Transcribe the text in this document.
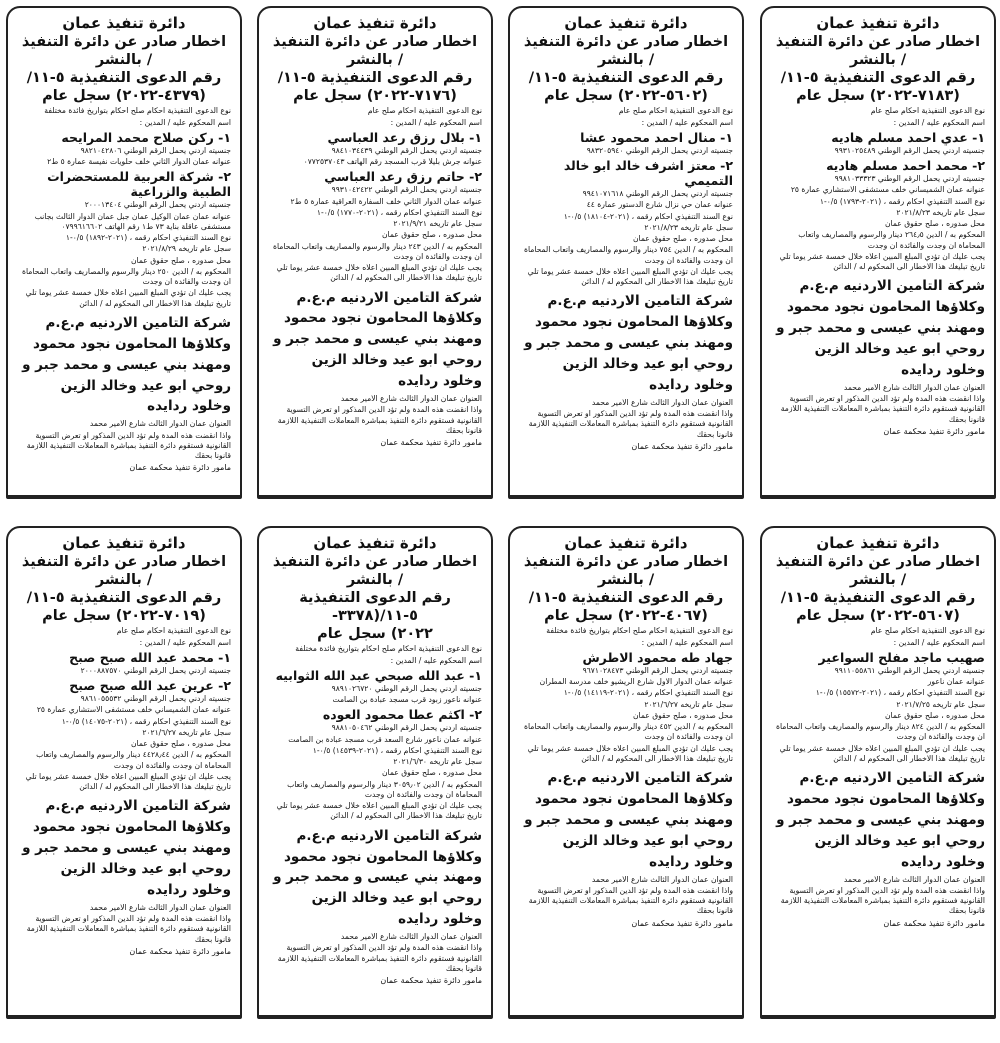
دائرة تنفيذ عمان
اخطار صادر عن دائرة التنفيذ / بالنشر
رقم الدعوى التنفيذية ٥-١١/
(٧١٨٣-٢٠٢٢) سجل عام
نوع الدعوى التنفيذية احكام صلح عام
اسم المحكوم عليه / المدين :
١- عدي احمد مسلم هاديه
جنسيته اردني يحمل الرقم الوطني ٩٩٣١٠٢٥٤٨٩
٢- محمد احمد مسلم هاديه
جنسيته اردني يحمل الرقم الوطني ٩٩٨١٠٣٣٣٢٣
عنوانه عمان الشميساني خلف مستشفى الاستشاري عمارة ٢٥
نوع السند التنفيذي احكام رقمه ، (٢٠٢١-١٧٩٣) ٠/٥-١
سجل عام تاريخه ٢٠٢١/٨/٢٣
محل صدوره ، صلح حقوق عمان
المحكوم به / الدين ٢٦٤٫٥ دينار والرسوم والمصاريف واتعاب المحاماة ان وجدت والفائدة ان وجدت
يجب عليك ان تؤدي المبلغ المبين اعلاه خلال خمسة عشر يوما تلي تاريخ تبليغك هذا الاخطار الى المحكوم له / الدائن
شركة التامين الاردنيه م.ع.م وكلاؤها المحامون نجود محمود ومهند بني عيسى و محمد جبر و روحي ابو عيد وخالد الزين وخلود ردايده
العنوان عمان الدوار الثالث شارع الامير محمد
واذا انقضت هذه المدة ولم تؤد الدين المذكور او تعرض التسوية القانونية فستقوم دائرة التنفيذ بمباشرة المعاملات التنفيذية اللازمة قانونا بحقك
مامور دائرة تنفيذ محكمة عمان
دائرة تنفيذ عمان
اخطار صادر عن دائرة التنفيذ / بالنشر
رقم الدعوى التنفيذية ٥-١١/
(٥٦٠٢-٢٠٢٢) سجل عام
نوع الدعوى التنفيذية احكام صلح عام
اسم المحكوم عليه / المدين :
١- منال احمد محمود عشا
جنسيته اردني يحمل الرقم الوطني ٩٨٣٢٠٥٩٤٠
٢- معتز اشرف خالد ابو خالد التميمي
جنسيته اردني يحمل الرقم الوطني ٩٩٤١٠٧١٦١٨
عنوانه عمان حي نزال شارع الدستور عمارة ٤٤
نوع السند التنفيذي احكام رقمه ، (٢٠٢١-١٨١٠٤) ٠/٥-١
سجل عام تاريخه ٢٠٢١/٨/٢٣
محل صدوره ، صلح حقوق عمان
المحكوم به / الدين ٧٥٤ دينار والرسوم والمصاريف واتعاب المحاماة ان وجدت والفائدة ان وجدت
يجب عليك ان تؤدي المبلغ المبين اعلاه خلال خمسة عشر يوما تلي تاريخ تبليغك هذا الاخطار الى المحكوم له / الدائن
شركة التامين الاردنيه م.ع.م وكلاؤها المحامون نجود محمود ومهند بني عيسى و محمد جبر و روحي ابو عيد وخالد الزين وخلود ردايده
العنوان عمان الدوار الثالث شارع الامير محمد
واذا انقضت هذه المدة ولم تؤد الدين المذكور او تعرض التسوية القانونية فستقوم دائرة التنفيذ بمباشرة المعاملات التنفيذية اللازمة قانونا بحقك
مامور دائرة تنفيذ محكمة عمان
دائرة تنفيذ عمان
اخطار صادر عن دائرة التنفيذ / بالنشر
رقم الدعوى التنفيذية ٥-١١/
(٧١٧٦-٢٠٢٢) سجل عام
نوع الدعوى التنفيذية احكام صلح عام
اسم المحكوم عليه / المدين :
١- بلال رزق رعد العباسي
جنسيته اردني يحمل الرقم الوطني ٩٨٤١٠٣٤٤٣٩
عنوانه جرش بليلا قرب المسجد رقم الهاتف ٠٧٧٢٥٣٧٠٤٣
٢- حاتم رزق رعد العباسي
جنسيته اردني يحمل الرقم الوطني ٩٩٣١٠٤٢٤٢٢
عنوانه عمان الدوار الثاني خلف السفارة العراقية عمارة ٥ ط٢
نوع السند التنفيذي احكام رقمه ، (٢٠٢١-١٧٧٠) ٠/٥-١
سجل عام تاريخه ٢٠٢١/٩/٢١
محل صدوره ، صلح حقوق عمان
المحكوم به / الدين ٢٤٣ دينار والرسوم والمصاريف واتعاب المحاماة ان وجدت والفائدة ان وجدت
يجب عليك ان تؤدي المبلغ المبين اعلاه خلال خمسة عشر يوما تلي تاريخ تبليغك هذا الاخطار الى المحكوم له / الدائن
شركة التامين الاردنيه م.ع.م وكلاؤها المحامون نجود محمود ومهند بني عيسى و محمد جبر و روحي ابو عيد وخالد الزين وخلود ردايده
العنوان عمان الدوار الثالث شارع الامير محمد
واذا انقضت هذه المدة ولم تؤد الدين المذكور او تعرض التسوية القانونية فستقوم دائرة التنفيذ بمباشرة المعاملات التنفيذية اللازمة قانونا بحقك
مامور دائرة تنفيذ محكمة عمان
دائرة تنفيذ عمان
اخطار صادر عن دائرة التنفيذ / بالنشر
رقم الدعوى التنفيذية ٥-١١/
(٤٣٧٩-٢٠٢٢) سجل عام
نوع الدعوى التنفيذية احكام صلح احكام بتواريخ فائدة مختلفة
اسم المحكوم عليه / المدين :
١- ركن صلاح محمد المرايحه
جنسيته اردني يحمل الرقم الوطني ٩٨٢١٠٤٢٨٠٦
عنوانه عمان الدوار الثاني خلف حلويات نفيسة عمارة ٥ ط٢
٢- شركة العربية للمستحضرات الطبية والزراعية
جنسيته اردني يحمل الرقم الوطني ٢٠٠٠١٣٤٠٤
عنوانه عمان عمان الوكيل عمان جبل عمان الدوار الثالث بجانب مستشفى عاقلة بناية ٧٣ ط١ رقم الهاتف ٠٧٩٩٦١٦٦٠٢
نوع السند التنفيذي احكام رقمه ، (٢٠٢١-١٨٩٢) ٠/٥-١
سجل عام تاريخه ٢٠٢١/٨/٢٩
محل صدوره ، صلح حقوق عمان
المحكوم به / الدين ٢٥٠ دينار والرسوم والمصاريف واتعاب المحاماة ان وجدت والفائدة ان وجدت
يجب عليك ان تؤدي المبلغ المبين اعلاه خلال خمسة عشر يوما تلي تاريخ تبليغك هذا الاخطار الى المحكوم له / الدائن
شركة التامين الاردنيه م.ع.م وكلاؤها المحامون نجود محمود ومهند بني عيسى و محمد جبر و روحي ابو عيد وخالد الزين وخلود ردايده
العنوان عمان الدوار الثالث شارع الامير محمد
واذا انقضت هذه المدة ولم تؤد الدين المذكور او تعرض التسوية القانونية فستقوم دائرة التنفيذ بمباشرة المعاملات التنفيذية اللازمة قانونا بحقك
مامور دائرة تنفيذ محكمة عمان
دائرة تنفيذ عمان
اخطار صادر عن دائرة التنفيذ / بالنشر
رقم الدعوى التنفيذية ٥-١١/
(٥٦٠٧-٢٠٢٢) سجل عام
نوع الدعوى التنفيذية احكام صلح عام
اسم المحكوم عليه / المدين :
صهيب ماجد مفلح السواعير
جنسيته اردني يحمل الرقم الوطني ٩٩١١٠٥٥٨٦١
عنوانه عمان ناعور
نوع السند التنفيذي احكام رقمه ، (٢٠٢١-١٥٥٧٢) ٠/٥-١
سجل عام تاريخه ٢٠٢١/٧/٢٥
محل صدوره ، صلح حقوق عمان
المحكوم به / الدين ٨٢٤ دينار والرسوم والمصاريف واتعاب المحاماة ان وجدت والفائدة ان وجدت
يجب عليك ان تؤدي المبلغ المبين اعلاه خلال خمسة عشر يوما تلي تاريخ تبليغك هذا الاخطار الى المحكوم له / الدائن
شركة التامين الاردنيه م.ع.م وكلاؤها المحامون نجود محمود ومهند بني عيسى و محمد جبر و روحي ابو عيد وخالد الزين وخلود ردايده
العنوان عمان الدوار الثالث شارع الامير محمد
واذا انقضت هذه المدة ولم تؤد الدين المذكور او تعرض التسوية القانونية فستقوم دائرة التنفيذ بمباشرة المعاملات التنفيذية اللازمة قانونا بحقك
مامور دائرة تنفيذ محكمة عمان
دائرة تنفيذ عمان
اخطار صادر عن دائرة التنفيذ / بالنشر
رقم الدعوى التنفيذية ٥-١١/
(٤٠٦٧-٢٠٢٢) سجل عام
نوع الدعوى التنفيذية احكام صلح احكام بتواريخ فائدة مختلفة
اسم المحكوم عليه / المدين :
جهاد طه محمود الاطرش
جنسيته اردني يحمل الرقم الوطني ٩٦٧١٠٢٨٤٧٣
عنوانه عمان الدوار الاول شارع الريشيو خلف مدرسة المطران
نوع السند التنفيذي احكام رقمه ، (٢٠٢١-١٤١١٩) ٠/٥-١
سجل عام تاريخه ٢٠٢١/٦/٢٧
محل صدوره ، صلح حقوق عمان
المحكوم به / الدين ٤٥٢ دينار والرسوم والمصاريف واتعاب المحاماة ان وجدت والفائدة ان وجدت
يجب عليك ان تؤدي المبلغ المبين اعلاه خلال خمسة عشر يوما تلي تاريخ تبليغك هذا الاخطار الى المحكوم له / الدائن
شركة التامين الاردنيه م.ع.م وكلاؤها المحامون نجود محمود ومهند بني عيسى و محمد جبر و روحي ابو عيد وخالد الزين وخلود ردايده
العنوان عمان الدوار الثالث شارع الامير محمد
واذا انقضت هذه المدة ولم تؤد الدين المذكور او تعرض التسوية القانونية فستقوم دائرة التنفيذ بمباشرة المعاملات التنفيذية اللازمة قانونا بحقك
مامور دائرة تنفيذ محكمة عمان
دائرة تنفيذ عمان
اخطار صادر عن دائرة التنفيذ / بالنشر
رقم الدعوى التنفيذية ٥-١١/(٣٣٧٨-
٢٠٢٢) سجل عام
نوع الدعوى التنفيذية احكام صلح احكام بتواريخ فائدة مختلفة
اسم المحكوم عليه / المدين :
١- عبد الله صبحي عبد الله الثوابيه
جنسيته اردني يحمل الرقم الوطني ٩٨٩١٠٢٦٧٢٠
عنوانه ناعور زبود قرب مسجد عبادة بن الصامت
٢- اكثم عطا محمود العوده
جنسيته اردني يحمل الرقم الوطني ٩٨٨١٠٥٠٤٦٢
عنوانه عمان ناعور شارع السعد قرب مسجد عبادة بن الصامت
نوع السند التنفيذي احكام رقمه ، (٢٠٢١-١٤٥٣٩) ٠/٥-١
سجل عام تاريخه ٢٠٢١/٦/٣٠
محل صدوره ، صلح حقوق عمان
المحكوم به / الدين ٣٠٥٩٫٠٢ دينار والرسوم والمصاريف واتعاب المحاماة ان وجدت والفائدة ان وجدت
يجب عليك ان تؤدي المبلغ المبين اعلاه خلال خمسة عشر يوما تلي تاريخ تبليغك هذا الاخطار الى المحكوم له / الدائن
شركة التامين الاردنيه م.ع.م وكلاؤها المحامون نجود محمود ومهند بني عيسى و محمد جبر و روحي ابو عيد وخالد الزين وخلود ردايده
العنوان عمان الدوار الثالث شارع الامير محمد
واذا انقضت هذه المدة ولم تؤد الدين المذكور او تعرض التسوية القانونية فستقوم دائرة التنفيذ بمباشرة المعاملات التنفيذية اللازمة قانونا بحقك
مامور دائرة تنفيذ محكمة عمان
دائرة تنفيذ عمان
اخطار صادر عن دائرة التنفيذ / بالنشر
رقم الدعوى التنفيذية ٥-١١/
(٧٠١٩-٢٠٢٢) سجل عام
نوع الدعوى التنفيذية احكام صلح عام
اسم المحكوم عليه / المدين :
١- محمد عبد الله صبح صبح
جنسيته اردني يحمل الرقم الوطني ٢٠٠٠٨٨٧٥٧٠
٢- عرين عبد الله صبح صبح
جنسيته اردني يحمل الرقم الوطني ٩٨٦١٠٥٥٥٣٢
عنوانه عمان الشميساني خلف مستشفى الاستشاري عمارة ٢٥
نوع السند التنفيذي احكام رقمه ، (٢٠٢١-١٤٠٧٥) ٠/٥-١
سجل عام تاريخه ٢٠٢١/٦/٢٧
محل صدوره ، صلح حقوق عمان
المحكوم به / الدين ٤٤٢٨٫٤٤ دينار والرسوم والمصاريف واتعاب المحاماة ان وجدت والفائدة ان وجدت
يجب عليك ان تؤدي المبلغ المبين اعلاه خلال خمسة عشر يوما تلي تاريخ تبليغك هذا الاخطار الى المحكوم له / الدائن
شركة التامين الاردنيه م.ع.م وكلاؤها المحامون نجود محمود ومهند بني عيسى و محمد جبر و روحي ابو عيد وخالد الزين وخلود ردايده
العنوان عمان الدوار الثالث شارع الامير محمد
واذا انقضت هذه المدة ولم تؤد الدين المذكور او تعرض التسوية القانونية فستقوم دائرة التنفيذ بمباشرة المعاملات التنفيذية اللازمة قانونا بحقك
مامور دائرة تنفيذ محكمة عمان
